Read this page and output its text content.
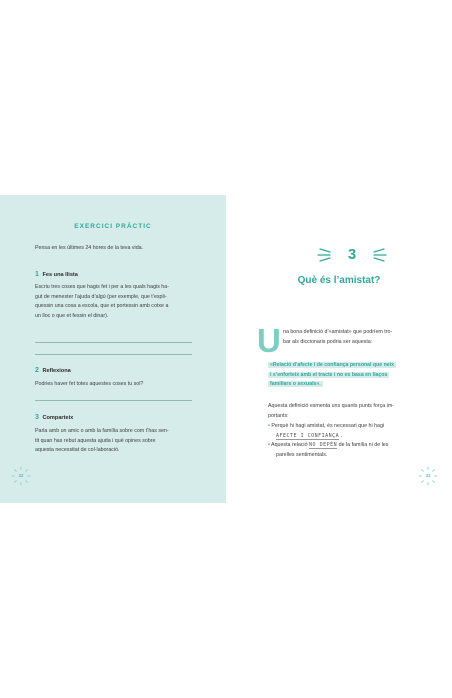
EXERCICI PRÀCTIC
Pensa en les últimes 24 hores de la teva vida.
1 Fes una llista
Escriu tres coses que hagis fet i per a les quals hagis ha-
gut de menester l’ajuda d’algú (per exemple, que t’expli-
quessin una cosa a escola, que et portessin amb cotxe a
un lloc o que et fessin el dinar).
2 Reflexiona
Podries haver fet totes aquestes coses tu sol?
3 Comparteix
Parla amb un amic o amb la família sobre com t’has sen-
tit quan has rebut aquesta ajuda i què opines sobre
aquesta necessitat de col·laboració.
32
3
Què és l’amistat?
U na bona definició d’«amistat» que podríem tro-
bar als diccionaris podria ser aquesta:
«Relació d’afecte i de confiança personal que neix
i s’enforteix amb el tracte i no es basa en llaços
familiars o sexuals».
Aquesta definició esmenta uns quants punts força im-
portants:
• Perquè hi hagi amistat, és necessari que hi hagi
AFECTE I CONFIANÇA .
• Aquesta relació NO DEPÈN de la família ni de les
parelles sentimentals.
33
